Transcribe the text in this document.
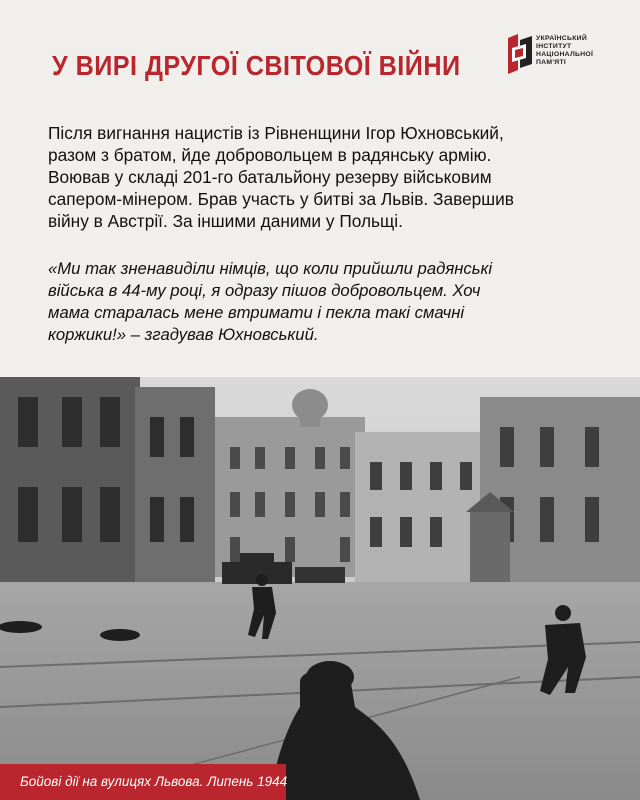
У ВИРІ ДРУГОЇ СВІТОВОЇ ВІЙНИ
УКРАЇНСЬКИЙ
ІНСТИТУТ
НАЦІОНАЛЬНОЇ
ПАМ'ЯТІ
Після вигнання нацистів із Рівненщини Ігор Юхновський,
разом з братом, йде добровольцем в радянську армію.
Воював у складі 201-го батальйону резерву військовим
сапером-мінером. Брав участь у битві за Львів. Завершив
війну в Австрії. За іншими даними у Польщі.
«Ми так зненавиділи німців, що коли прийшли радянські
війська в 44-му році, я одразу пішов добровольцем. Хоч
мама старалась мене втримати і пекла такі смачні
коржики!» – згадував Юхновський.
Бойові дії на вулицях Львова. Липень 1944
